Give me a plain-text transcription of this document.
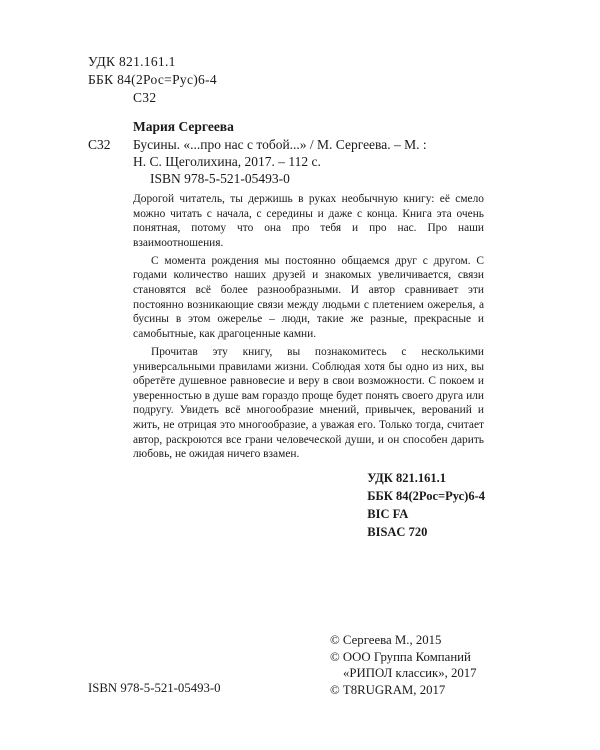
УДК 821.161.1
ББК 84(2Рос=Рус)6-4
С32
Мария Сергеева
С32 Бусины. «...про нас с тобой...» / М. Сергеева. – М. :
Н. С. Щеголихина, 2017. – 112 с.
ISBN 978-5-521-05493-0

Дорогой читатель, ты держишь в руках необычную книгу: её смело можно читать с начала, с середины и даже с конца. Книга эта очень понятная, потому что она про тебя и про нас. Про наши взаимоотношения.

С момента рождения мы постоянно общаемся друг с другом. С годами количество наших друзей и знакомых увеличивается, связи становятся всё более разнообразными. И автор сравнивает эти постоянно возникающие связи между людьми с плетением ожерелья, а бусины в этом ожерелье – люди, такие же разные, прекрасные и самобытные, как драгоценные камни.

Прочитав эту книгу, вы познакомитесь с несколькими универсальными правилами жизни. Соблюдая хотя бы одно из них, вы обретёте душевное равновесие и веру в свои возможности. С покоем и уверенностью в душе вам гораздо проще будет понять своего друга или подругу. Увидеть всё многообразие мнений, привычек, верований и жить, не отрицая это многообразие, а уважая его. Только тогда, считает автор, раскроются все грани человеческой души, и он способен дарить любовь, не ожидая ничего взамен.

УДК 821.161.1
ББК 84(2Рос=Рус)6-4
BIC FA
BISAC 720
ISBN 978-5-521-05493-0
© Сергеева М., 2015
© ООО Группа Компаний
«РИПОЛ классик», 2017
© Т8RUGRAM, 2017
